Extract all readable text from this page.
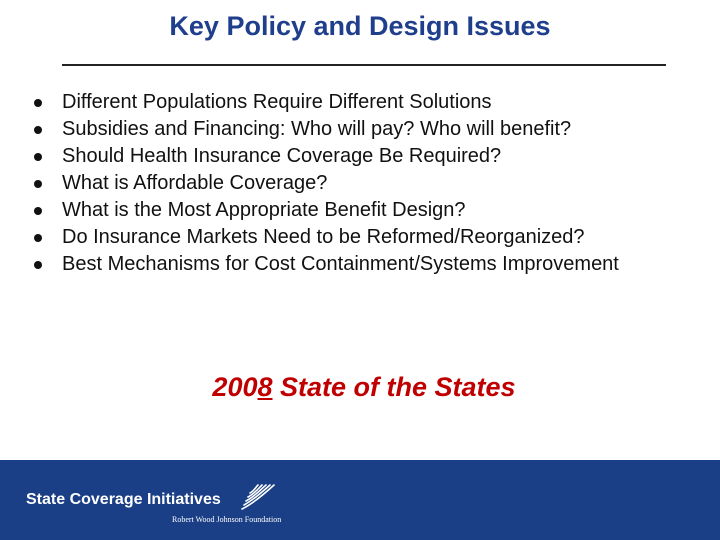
Key Policy and Design Issues
Different Populations Require Different Solutions
Subsidies and Financing: Who will pay? Who will benefit?
Should Health Insurance Coverage Be Required?
What is Affordable Coverage?
What is the Most Appropriate Benefit Design?
Do Insurance Markets Need to be Reformed/Reorganized?
Best Mechanisms for Cost Containment/Systems Improvement
2008 State of the States
State Coverage Initiatives
Robert Wood Johnson Foundation
